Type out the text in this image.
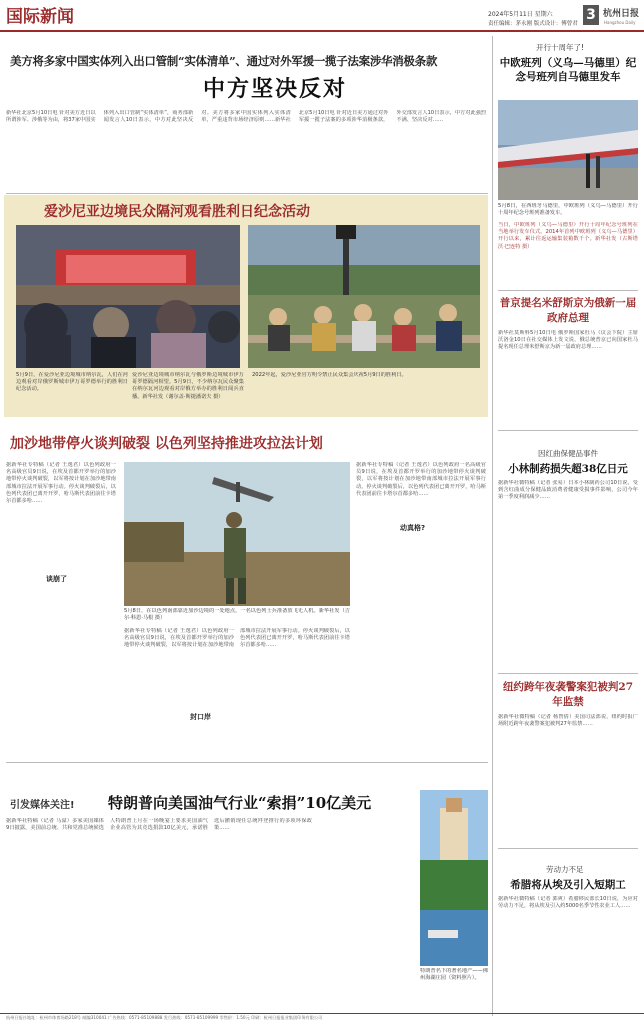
国际新闻	2024年5月11日 星期六
责任编辑：茅永刚 版式设计：傅曾君
3 杭州日报
Hangzhou Daily
美方将多家中国实体列入出口管制“实体清单”、通过对外军援一揽子法案涉华消极条款
中方坚决反对
新华社北京5月10日电 针对美方近日以所谓涉军、涉俄等为由，将37家中国实体列入出口管制“实体清单”，商务部新闻发言人10日表示，中方对此坚决反对。美方将多家中国实体列入实体清单，严重违背市场经济原则……新华社北京5月10日电 针对近日美方通过对外军援一揽子法案的多项涉华消极条款，外交部发言人10日表示，中方对此强烈不满、坚决反对……
爱沙尼亚边境民众隔河观看胜利日纪念活动
5月9日，在爱沙尼亚边境城市纳尔瓦，人们在河边观看对岸俄罗斯城市伊万哥罗德举行的胜利日纪念活动。
爱沙尼亚边境城市纳尔瓦与俄罗斯边境城市伊万哥罗德隔河相望。5月9日，不少纳尔瓦民众聚集在纳尔瓦河边观看对岸俄方举办的胜利日阅兵直播。新华社发（谢尔盖·斯捷潘诺夫 摄）
2022年起，爱沙尼亚官方明令禁止民众集会庆祝5月9日的胜利日。
加沙地带停火谈判破裂 以色列坚持推进攻拉法计划
据新华社专特稿（记者 王逸君）以色列政府一名高级官员9日说，在埃及首都开罗举行的加沙地带停火谈判破裂，以军将按计划在加沙地带南部城市拉法开展军事行动。停火谈判破裂后，以色列代表团已离开开罗，哈马斯代表团前往卡塔尔首都多哈……
谈崩了
5月8日，在以色列南部靠近加沙边境的一处地点，一名以色列士兵准备放飞无人机。新华社发（吉尔·科恩·马根 摄）
据新华社专特稿（记者 王逸君）以色列政府一名高级官员9日说，在埃及首都开罗举行的加沙地带停火谈判破裂，以军将按计划在加沙地带南部城市拉法开展军事行动。停火谈判破裂后，以色列代表团已离开开罗，哈马斯代表团前往卡塔尔首都多哈……
封口岸
据新华社专特稿（记者 王逸君）以色列政府一名高级官员9日说，在埃及首都开罗举行的加沙地带停火谈判破裂，以军将按计划在加沙地带南部城市拉法开展军事行动。停火谈判破裂后，以色列代表团已离开开罗，哈马斯代表团前往卡塔尔首都多哈……
动真格?
引发媒体关注! 特朗普向美国油气行业“索捐”10亿美元
据新华社特稿（记者 马溢）多家美国媒体9日披露，美国前总统、共和党准总统候选人特朗普上月在一场晚宴上要求美国油气企业高管为其竞选捐款10亿美元，承诺胜选后撤销现任总统拜登推行的多项环保政策……
特朗普名下的著名地产——佛州海湖庄园（资料照片）。
开行十周年了!
中欧班列（义乌—马德里）纪念号班列自马德里发车
5月8日，在西班牙马德里，中欧班列（义乌—马德里）开行十周年纪念号班列准备发车。
当日，中欧班列（义乌—马德里）开行十周年纪念号班列在当地举行发车仪式。2014年首列中欧班列（义乌—马德里）开行以来，累计往返运输集装箱数千个。新华社发（古斯塔沃·巴连特 摄）
普京提名米舒斯京为俄新一届政府总理
新华社莫斯科5月10日电 俄罗斯国家杜马（议会下院）主席沃洛金10日在社交媒体上发文说，俄总统普京已向国家杜马提名现任总理米舒斯京为新一届政府总理……
因红曲保健品事件
小林制药损失超38亿日元
据新华社微特稿（记者 张易）日本小林制药公司10日说，受到含红曲成分保健品致消费者健康受损事件影响，公司今年第一季度利润减少……
纽约跨年夜袭警案犯被判27年监禁
据新华社微特稿（记者 杨智倩）美国司法部说，纽约时报广场附近跨年夜袭警案犯被判27年监禁……
劳动力不足
希腊将从埃及引入短期工
据新华社微特稿（记者 郭爽）希腊移民部长10日说，为应对劳动力不足，将从埃及引入约5000名季节性农业工人……
杭州日报社地址：杭州市体育场路218号 邮编310041 广告热线：0571-85109888 发行热线：0571-85109999 零售价：1.50元 印刷：杭州日报报业集团印务有限公司
